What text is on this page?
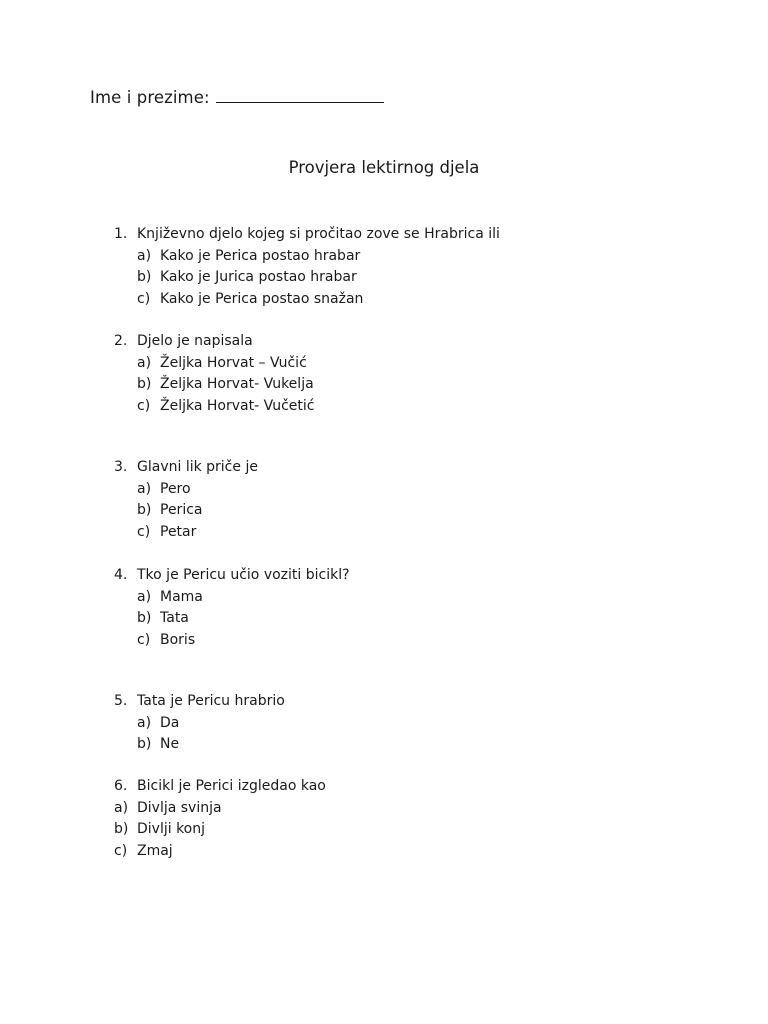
Ime i prezime:
Provjera lektirnog djela
1. Književno djelo kojeg si pročitao zove se Hrabrica ili
a) Kako je Perica postao hrabar
b) Kako je Jurica postao hrabar
c) Kako je Perica postao snažan
2. Djelo je napisala
a) Željka Horvat – Vučić
b) Željka Horvat- Vukelja
c) Željka Horvat- Vučetić
3. Glavni lik priče je
a) Pero
b) Perica
c) Petar
4. Tko je Pericu učio voziti bicikl?
a) Mama
b) Tata
c) Boris
5. Tata je Pericu hrabrio
a) Da
b) Ne
6. Bicikl je Perici izgledao kao
a) Divlja svinja
b) Divlji konj
c) Zmaj
